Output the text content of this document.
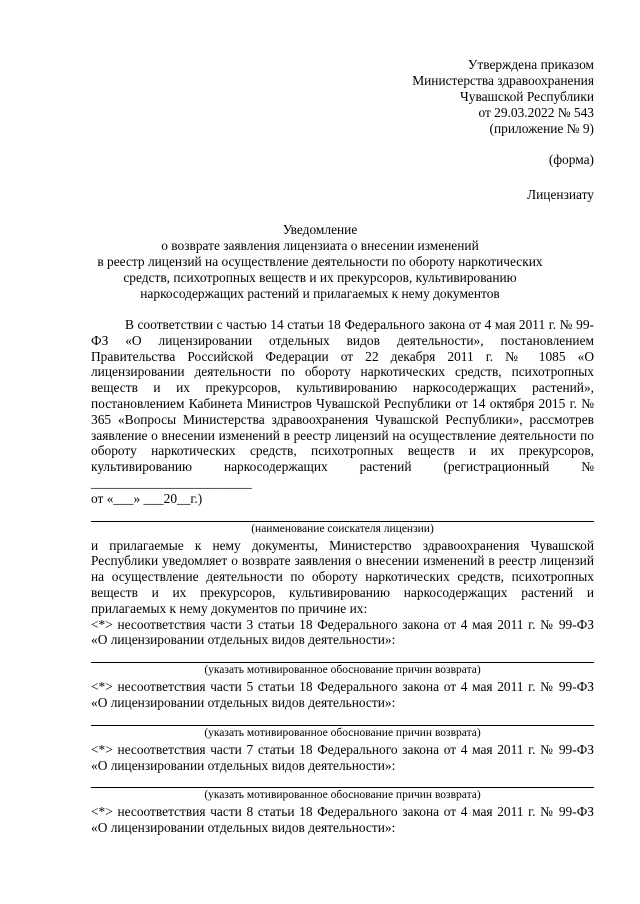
Утверждена приказом
Министерства здравоохранения
Чувашской Республики
от 29.03.2022 № 543
(приложение № 9)
(форма)
Лицензиату
Уведомление
о возврате заявления лицензиата о внесении изменений
в реестр лицензий на осуществление деятельности по обороту наркотических
средств, психотропных веществ и их прекурсоров, культивированию
наркосодержащих растений и прилагаемых к нему документов

В соответствии с частью 14 статьи 18 Федерального закона от 4 мая 2011 г. № 99-ФЗ «О лицензировании отдельных видов деятельности», постановлением Правительства Российской Федерации от 22 декабря 2011 г. № 1085 «О лицензировании деятельности по обороту наркотических средств, психотропных веществ и их прекурсоров, культивированию наркосодержащих растений», постановлением Кабинета Министров Чувашской Республики от 14 октября 2015 г. № 365 «Вопросы Министерства здравоохранения Чувашской Республики», рассмотрев заявление о внесении изменений в реестр лицензий на осуществление деятельности по обороту наркотических средств, психотропных веществ и их прекурсоров, культивированию наркосодержащих растений (регистрационный № ________________________

от «___» ___20__г.)

(наименование соискателя лицензии)

и прилагаемые к нему документы, Министерство здравоохранения Чувашской Республики уведомляет о возврате заявления о внесении изменений в реестр лицензий на осуществление деятельности по обороту наркотических средств, психотропных веществ и их прекурсоров, культивированию наркосодержащих растений и прилагаемых к нему документов по причине их:

<*> несоответствия части 3 статьи 18 Федерального закона от 4 мая 2011 г. № 99-ФЗ «О лицензировании отдельных видов деятельности»:

(указать мотивированное обоснование причин возврата)

<*> несоответствия части 5 статьи 18 Федерального закона от 4 мая 2011 г. № 99-ФЗ «О лицензировании отдельных видов деятельности»:

(указать мотивированное обоснование причин возврата)

<*> несоответствия части 7 статьи 18 Федерального закона от 4 мая 2011 г. № 99-ФЗ «О лицензировании отдельных видов деятельности»:

(указать мотивированное обоснование причин возврата)

<*> несоответствия части 8 статьи 18 Федерального закона от 4 мая 2011 г. № 99-ФЗ «О лицензировании отдельных видов деятельности»:
